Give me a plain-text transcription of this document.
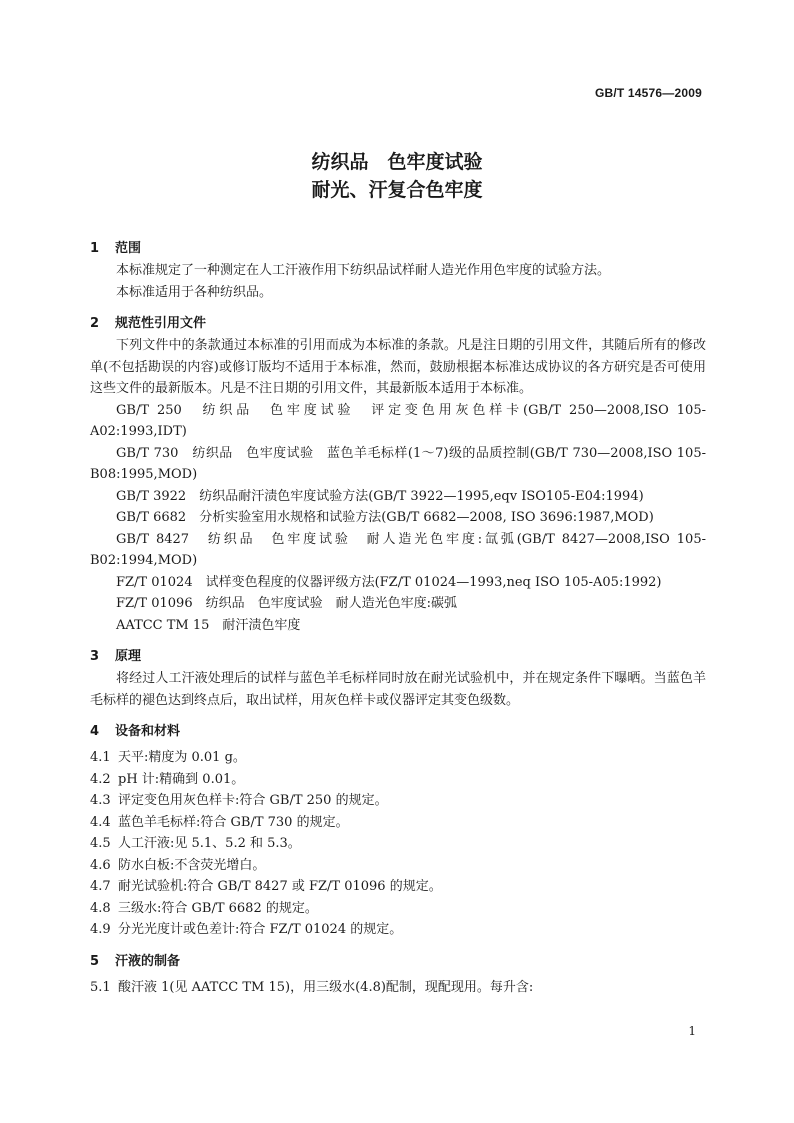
GB/T 14576—2009
纺织品　色牢度试验
耐光、汗复合色牢度
1 范围
本标准规定了一种测定在人工汗液作用下纺织品试样耐人造光作用色牢度的试验方法。
本标准适用于各种纺织品。
2 规范性引用文件
下列文件中的条款通过本标准的引用而成为本标准的条款。凡是注日期的引用文件，其随后所有的修改单(不包括勘误的内容)或修订版均不适用于本标准，然而，鼓励根据本标准达成协议的各方研究是否可使用这些文件的最新版本。凡是不注日期的引用文件，其最新版本适用于本标准。
GB/T 250　纺织品　色牢度试验　评定变色用灰色样卡(GB/T 250—2008,ISO 105-A02:1993,IDT)
GB/T 730　纺织品　色牢度试验　蓝色羊毛标样(1～7)级的品质控制(GB/T 730—2008,ISO 105-B08:1995,MOD)
GB/T 3922　纺织品耐汗渍色牢度试验方法(GB/T 3922—1995,eqv ISO105-E04:1994)
GB/T 6682　分析实验室用水规格和试验方法(GB/T 6682—2008, ISO 3696:1987,MOD)
GB/T 8427　纺织品　色牢度试验　耐人造光色牢度:氙弧(GB/T 8427—2008,ISO 105-B02:1994,MOD)
FZ/T 01024　试样变色程度的仪器评级方法(FZ/T 01024—1993,neq ISO 105-A05:1992)
FZ/T 01096　纺织品　色牢度试验　耐人造光色牢度:碳弧
AATCC TM 15　耐汗渍色牢度
3 原理
将经过人工汗液处理后的试样与蓝色羊毛标样同时放在耐光试验机中，并在规定条件下曝晒。当蓝色羊毛标样的褪色达到终点后，取出试样，用灰色样卡或仪器评定其变色级数。
4 设备和材料
4.1 天平:精度为 0.01 g。
4.2 pH 计:精确到 0.01。
4.3 评定变色用灰色样卡:符合 GB/T 250 的规定。
4.4 蓝色羊毛标样:符合 GB/T 730 的规定。
4.5 人工汗液:见 5.1、5.2 和 5.3。
4.6 防水白板:不含荧光增白。
4.7 耐光试验机:符合 GB/T 8427 或 FZ/T 01096 的规定。
4.8 三级水:符合 GB/T 6682 的规定。
4.9 分光光度计或色差计:符合 FZ/T 01024 的规定。
5 汗液的制备
5.1 酸汗液 1(见 AATCC TM 15)，用三级水(4.8)配制，现配现用。每升含:
1
